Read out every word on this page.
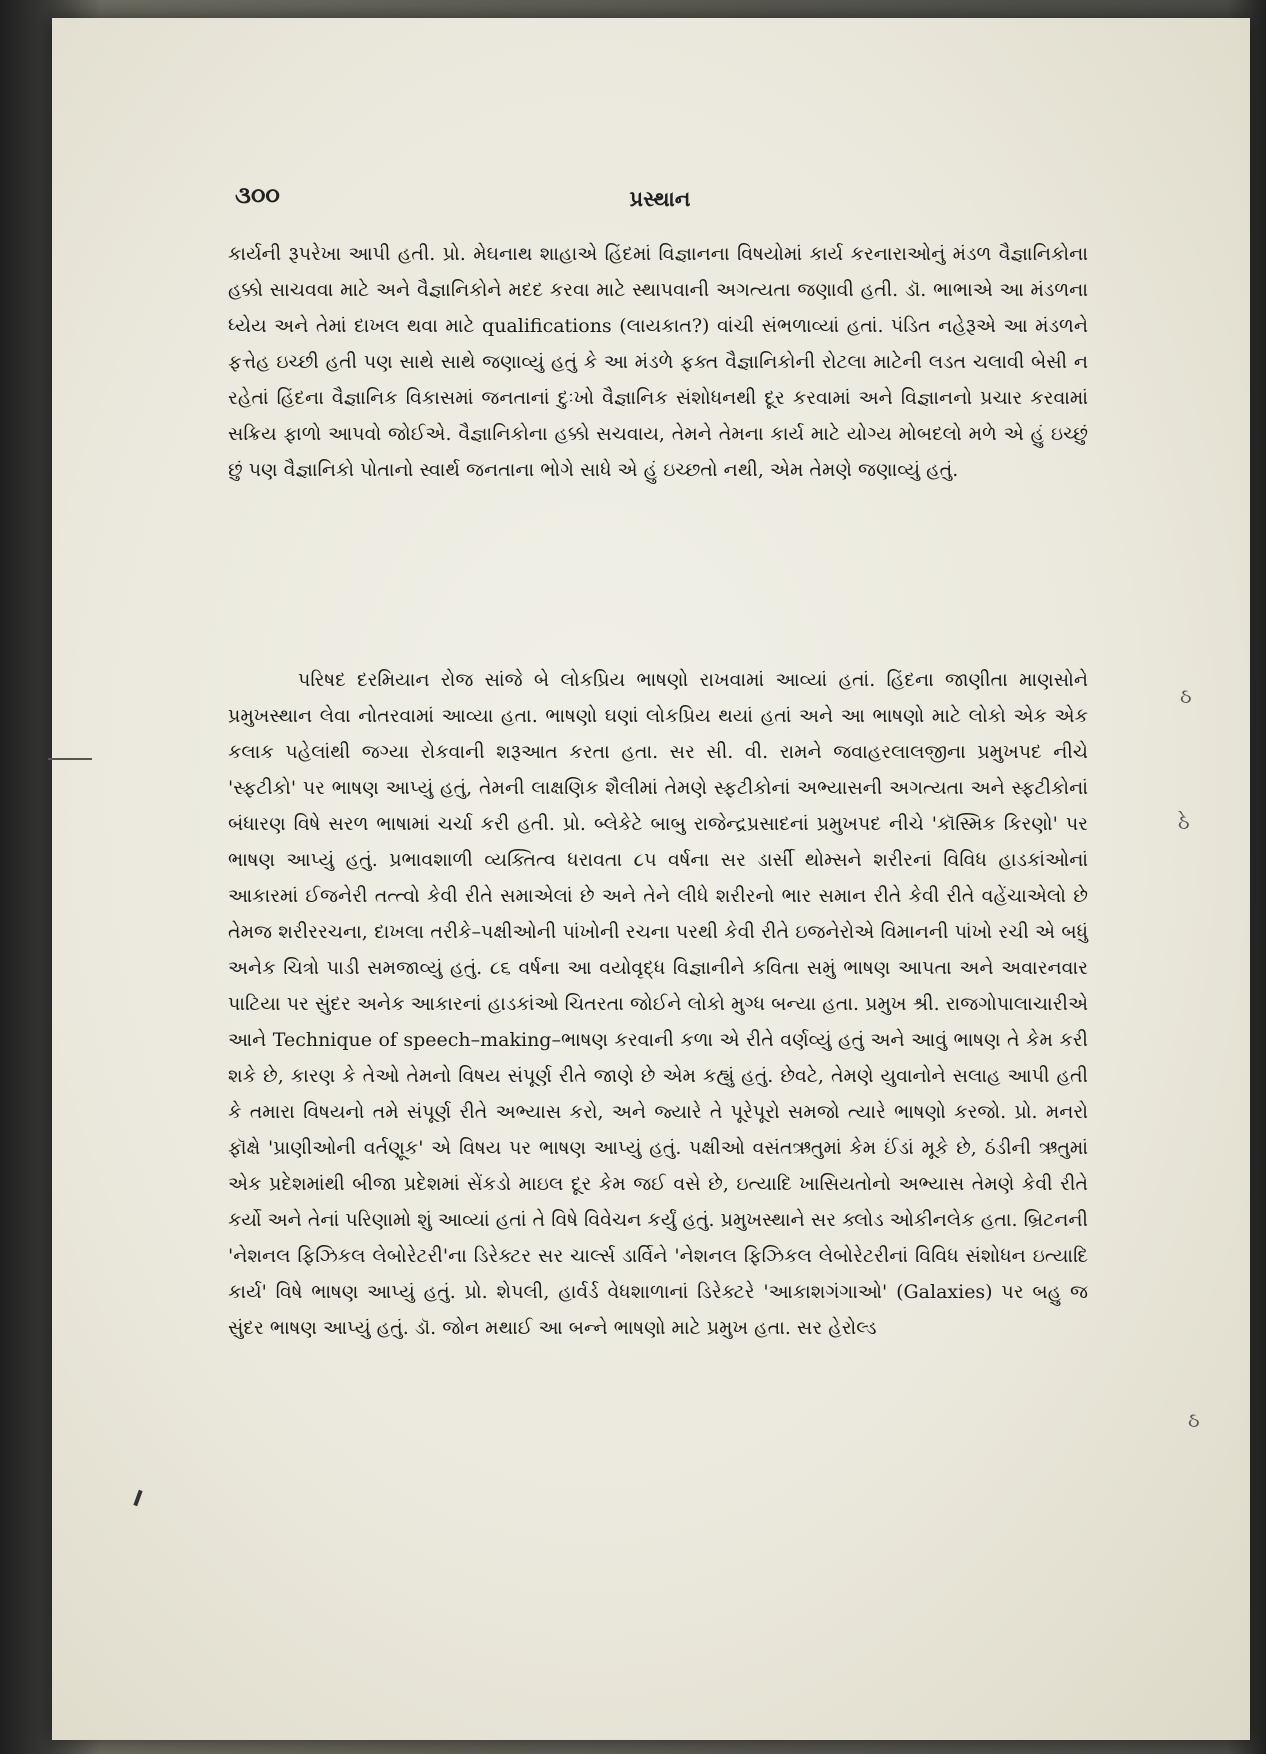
૩૦૦	પ્રસ્થાન

કાર્યની રૂપરેખા આપી હતી. પ્રો. મેઘનાથ શાહાએ હિંદમાં વિજ્ઞાનના વિષયોમાં કાર્ય કરનારાઓનું મંડળ વૈજ્ઞાનિકોના હક્કો સાચવવા માટે અને વૈજ્ઞાનિકોને મદદ કરવા માટે સ્થાપવાની અગત્યતા જણાવી હતી. ડૉ. ભાભાએ આ મંડળના ધ્યેય અને તેમાં દાખલ થવા માટે qualifications (લાયકાત?) વાંચી સંભળાવ્યાં હતાં. પંડિત નહેરૂએ આ મંડળને ફત્તેહ ઇચ્છી હતી પણ સાથે સાથે જણાવ્યું હતું કે આ મંડળે ફક્ત વૈજ્ઞાનિકોની રોટલા માટેની લડત ચલાવી બેસી ન રહેતાં હિંદના વૈજ્ઞાનિક વિકાસમાં જનતાનાં દુઃખો વૈજ્ઞાનિક સંશોધનથી દૂર કરવામાં અને વિજ્ઞાનનો પ્રચાર કરવામાં સક્રિય ફાળો આપવો જોઈએ. વૈજ્ઞાનિકોના હક્કો સચવાય, તેમને તેમના કાર્ય માટે યોગ્ય મોબદલો મળે એ હું ઇચ્છું છું પણ વૈજ્ઞાનિકો પોતાનો સ્વાર્થ જનતાના ભોગે સાધે એ હું ઇચ્છતો નથી, એમ તેમણે જણાવ્યું હતું.

પરિષદ દરમિયાન રોજ સાંજે બે લોકપ્રિય ભાષણો રાખવામાં આવ્યાં હતાં. હિંદના જાણીતા માણસોને પ્રમુખસ્થાન લેવા નોતરવામાં આવ્યા હતા. ભાષણો ઘણાં લોકપ્રિય થયાં હતાં અને આ ભાષણો માટે લોકો એક એક કલાક પહેલાંથી જગ્યા રોકવાની શરૂઆત કરતા હતા. સર સી. વી. રામને જવાહરલાલજીના પ્રમુખપદ નીચે 'સ્ફટીકો' પર ભાષણ આપ્યું હતું, તેમની લાક્ષણિક શૈલીમાં તેમણે સ્ફટીકોનાં અભ્યાસની અગત્યતા અને સ્ફટીકોનાં બંધારણ વિષે સરળ ભાષામાં ચર્ચા કરી હતી. પ્રો. બ્લેકેટે બાબુ રાજેન્દ્રપ્રસાદનાં પ્રમુખપદ નીચે 'કૉસ્મિક કિરણો' પર ભાષણ આપ્યું હતું. પ્રભાવશાળી વ્યક્તિત્વ ધરાવતા ૮૫ વર્ષના સર ડાર્સી થોમ્સને શરીરનાં વિવિધ હાડકાંઓનાં આકારમાં ઈજનેરી તત્ત્વો કેવી રીતે સમાએલાં છે અને તેને લીધે શરીરનો ભાર સમાન રીતે કેવી રીતે વહેંચાએલો છે તેમજ શરીરરચના, દાખલા તરીકે–પક્ષીઓની પાંખોની રચના પરથી કેવી રીતે ઇજનેરોએ વિમાનની પાંખો રચી એ બધું અનેક ચિત્રો પાડી સમજાવ્યું હતું. ૮૬ વર્ષના આ વયોવૃદ્ધ વિજ્ઞાનીને કવિતા સમું ભાષણ આપતા અને અવારનવાર પાટિયા પર સુંદર અનેક આકારનાં હાડકાંઓ ચિતરતા જોઈને લોકો મુગ્ધ બન્યા હતા. પ્રમુખ શ્રી. રાજગોપાલાચારીએ આને Technique of speech–making–ભાષણ કરવાની કળા એ રીતે વર્ણવ્યું હતું અને આવું ભાષણ તે કેમ કરી શકે છે, કારણ કે તેઓ તેમનો વિષય સંપૂર્ણ રીતે જાણે છે એમ કહ્યું હતું. છેવટે, તેમણે યુવાનોને સલાહ આપી હતી કે તમારા વિષયનો તમે સંપૂર્ણ રીતે અભ્યાસ કરો, અને જ્યારે તે પૂરેપૂરો સમજો ત્યારે ભાષણો કરજો. પ્રો. મનરો ફૉક્ષે 'પ્રાણીઓની વર્તણૂક' એ વિષય પર ભાષણ આપ્યું હતું. પક્ષીઓ વસંતઋતુમાં કેમ ઈંડાં મૂકે છે, ઠંડીની ઋતુમાં એક પ્રદેશમાંથી બીજા પ્રદેશમાં સેંકડો માઇલ દૂર કેમ જઈ વસે છે, ઇત્યાદિ ખાસિયતોનો અભ્યાસ તેમણે કેવી રીતે કર્યો અને તેનાં પરિણામો શું આવ્યાં હતાં તે વિષે વિવેચન કર્યું હતું. પ્રમુખસ્થાને સર ક્લોડ ઓકીનલેક હતા. બ્રિટનની 'નેશનલ ફિઝિકલ લેબોરેટરી'ના ડિરેક્ટર સર ચાર્લ્સ ડાર્વિને 'નેશનલ ફિઝિકલ લેબોરેટરીનાં વિવિધ સંશોધન ઇત્યાદિ કાર્ય' વિષે ભાષણ આપ્યું હતું. પ્રો. શેપલી, હાર્વર્ડ વેધશાળાનાં ડિરેક્ટરે 'આકાશગંગાઓ' (Galaxies) પર બહુ જ સુંદર ભાષણ આપ્યું હતું. ડૉ. જોન મથાઈ આ બન્ને ભાષણો માટે પ્રમુખ હતા. સર હેરોલ્ડ

ઠ
ઠે
ઠ
